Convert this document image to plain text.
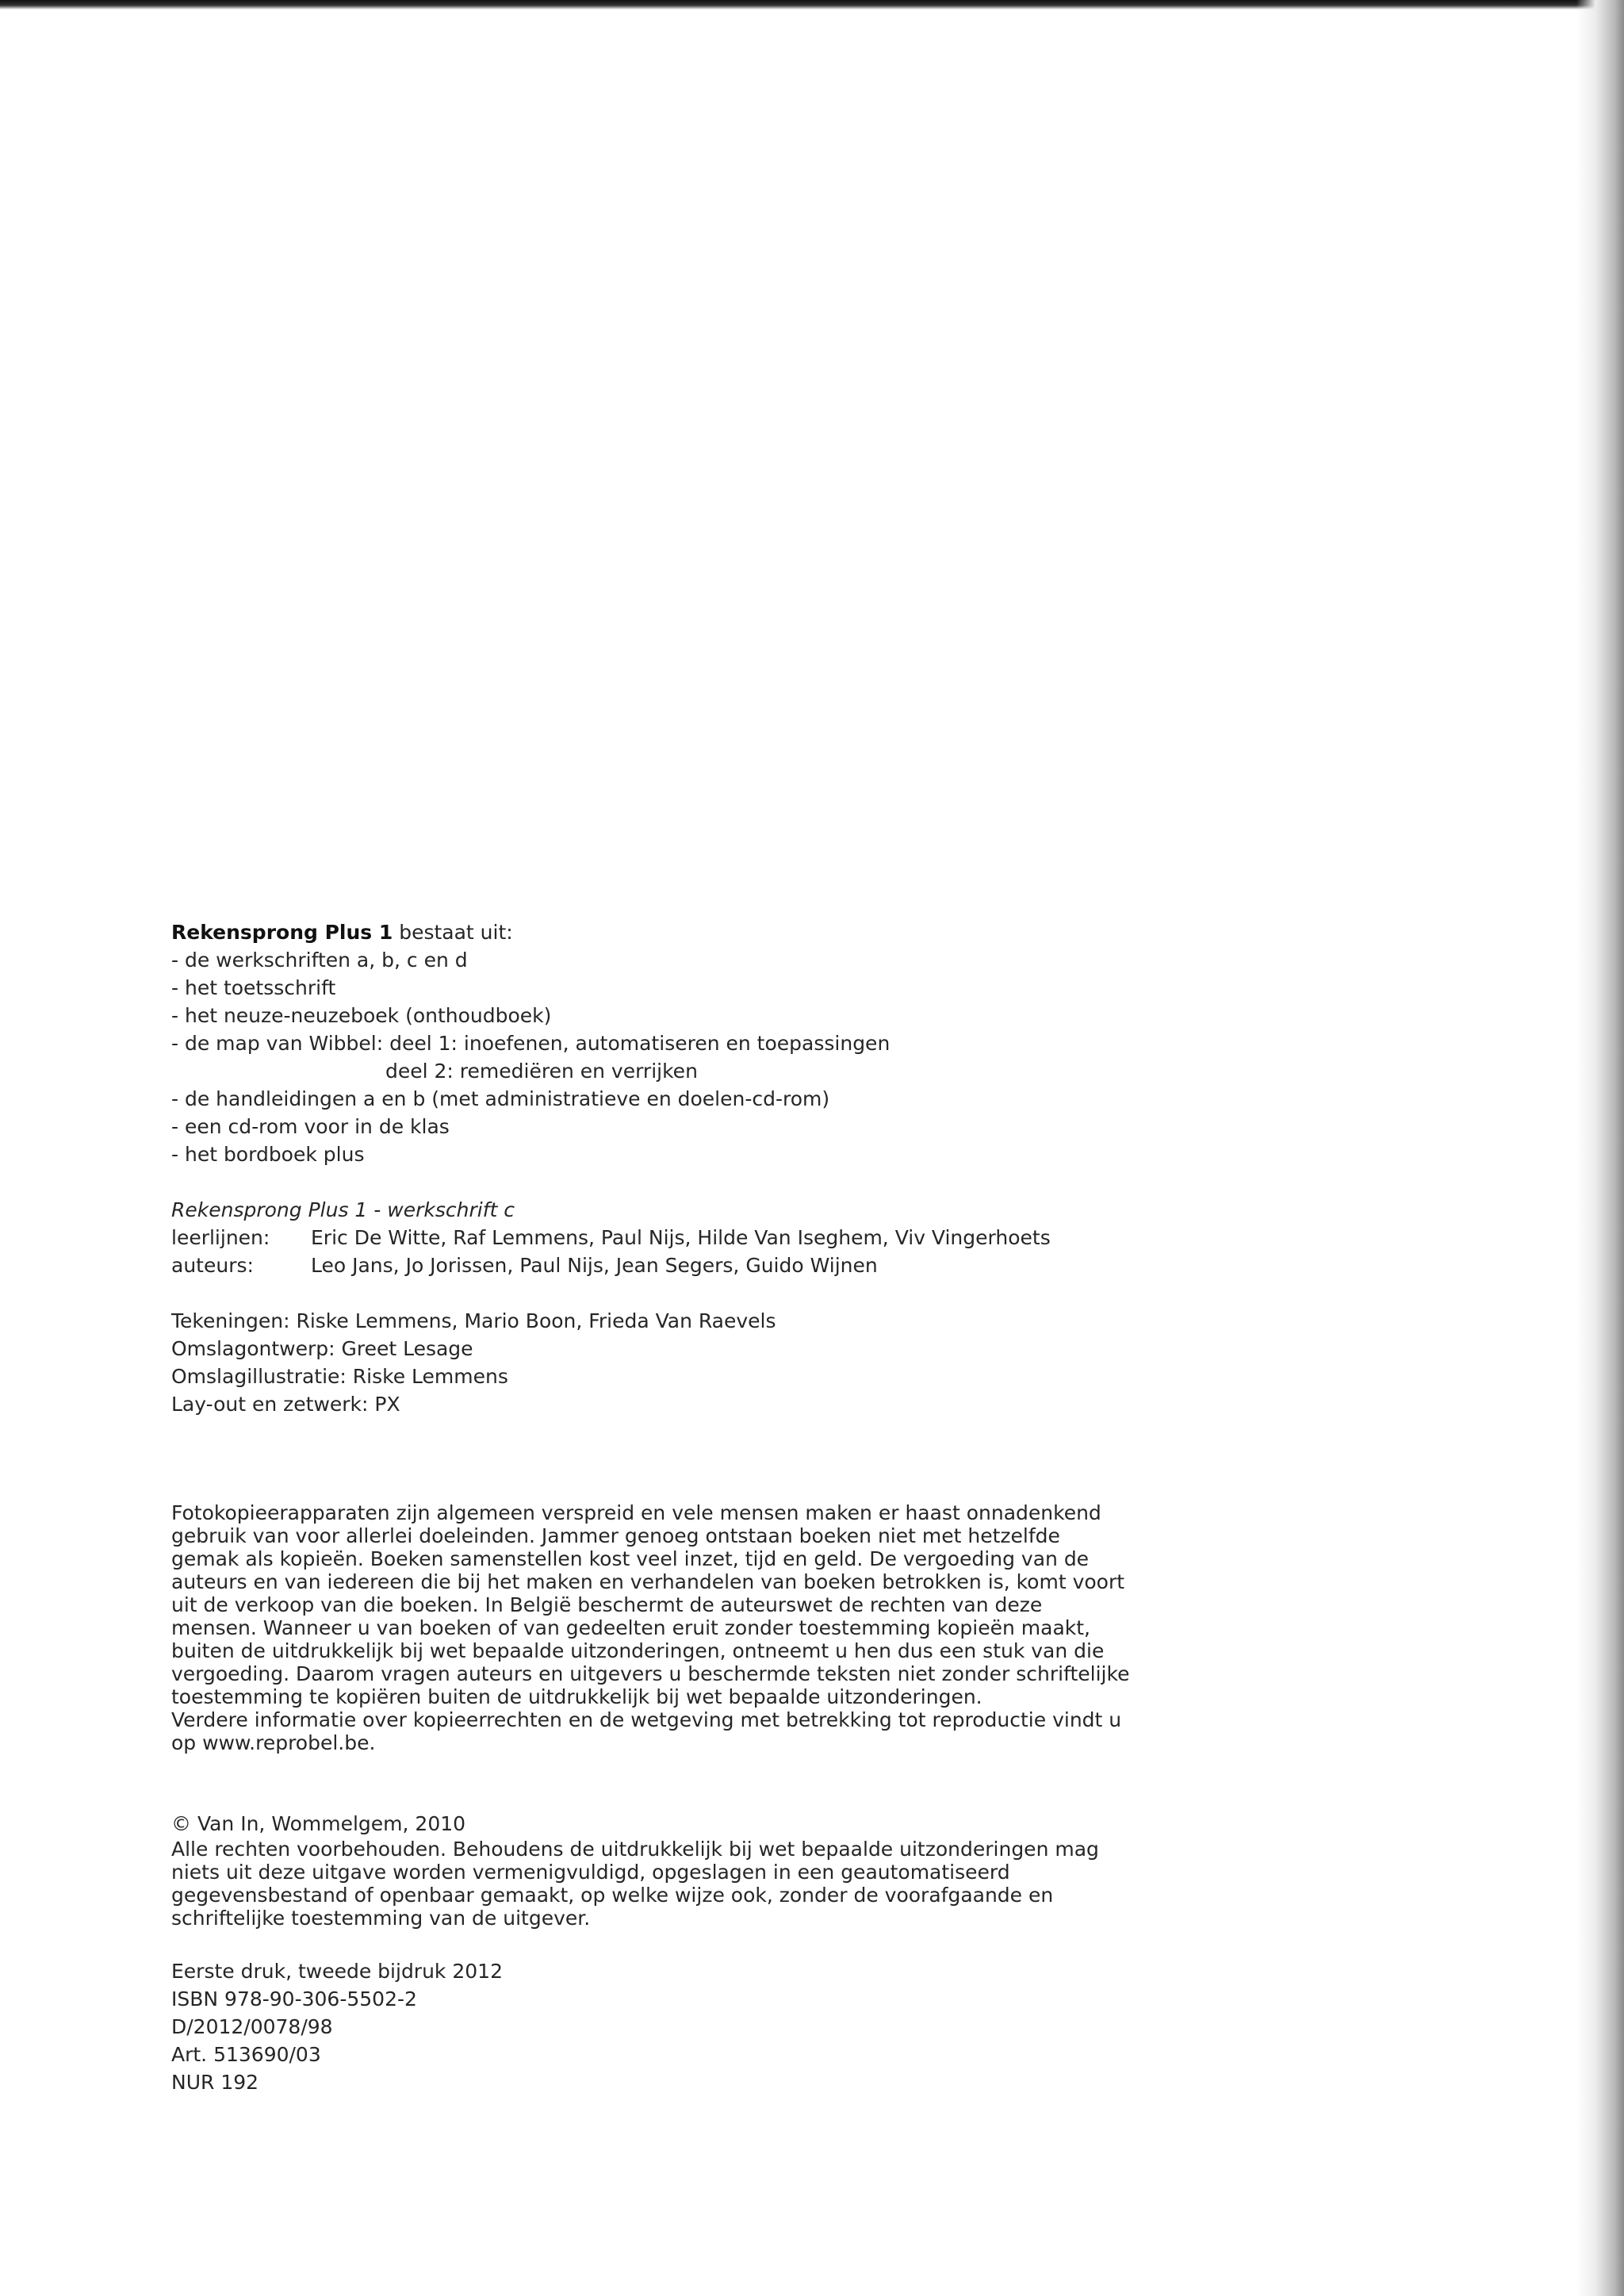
Rekensprong Plus 1 bestaat uit:
- de werkschriften a, b, c en d
- het toetsschrift
- het neuze-neuzeboek (onthoudboek)
- de map van Wibbel: deel 1: inoefenen, automatiseren en toepassingen
deel 2: remediëren en verrijken
- de handleidingen a en b (met administratieve en doelen-cd-rom)
- een cd-rom voor in de klas
- het bordboek plus
Rekensprong Plus 1 - werkschrift c
leerlijnen:	Eric De Witte, Raf Lemmens, Paul Nijs, Hilde Van Iseghem, Viv Vingerhoets
auteurs:	Leo Jans, Jo Jorissen, Paul Nijs, Jean Segers, Guido Wijnen
Tekeningen: Riske Lemmens, Mario Boon, Frieda Van Raevels
Omslagontwerp: Greet Lesage
Omslagillustratie: Riske Lemmens
Lay-out en zetwerk: PX
Fotokopieerapparaten zijn algemeen verspreid en vele mensen maken er haast onnadenkend gebruik van voor allerlei doeleinden. Jammer genoeg ontstaan boeken niet met hetzelfde gemak als kopieën. Boeken samenstellen kost veel inzet, tijd en geld. De vergoeding van de auteurs en van iedereen die bij het maken en verhandelen van boeken betrokken is, komt voort uit de verkoop van die boeken. In België beschermt de auteurswet de rechten van deze mensen. Wanneer u van boeken of van gedeelten eruit zonder toestemming kopieën maakt, buiten de uitdrukkelijk bij wet bepaalde uitzonderingen, ontneemt u hen dus een stuk van die vergoeding. Daarom vragen auteurs en uitgevers u beschermde teksten niet zonder schriftelijke toestemming te kopiëren buiten de uitdrukkelijk bij wet bepaalde uitzonderingen.
Verdere informatie over kopieerrechten en de wetgeving met betrekking tot reproductie vindt u op www.reprobel.be.
© Van In, Wommelgem, 2010
Alle rechten voorbehouden. Behoudens de uitdrukkelijk bij wet bepaalde uitzonderingen mag niets uit deze uitgave worden vermenigvuldigd, opgeslagen in een geautomatiseerd gegevensbestand of openbaar gemaakt, op welke wijze ook, zonder de voorafgaande en schriftelijke toestemming van de uitgever.
Eerste druk, tweede bijdruk 2012
ISBN 978-90-306-5502-2
D/2012/0078/98
Art. 513690/03
NUR 192
